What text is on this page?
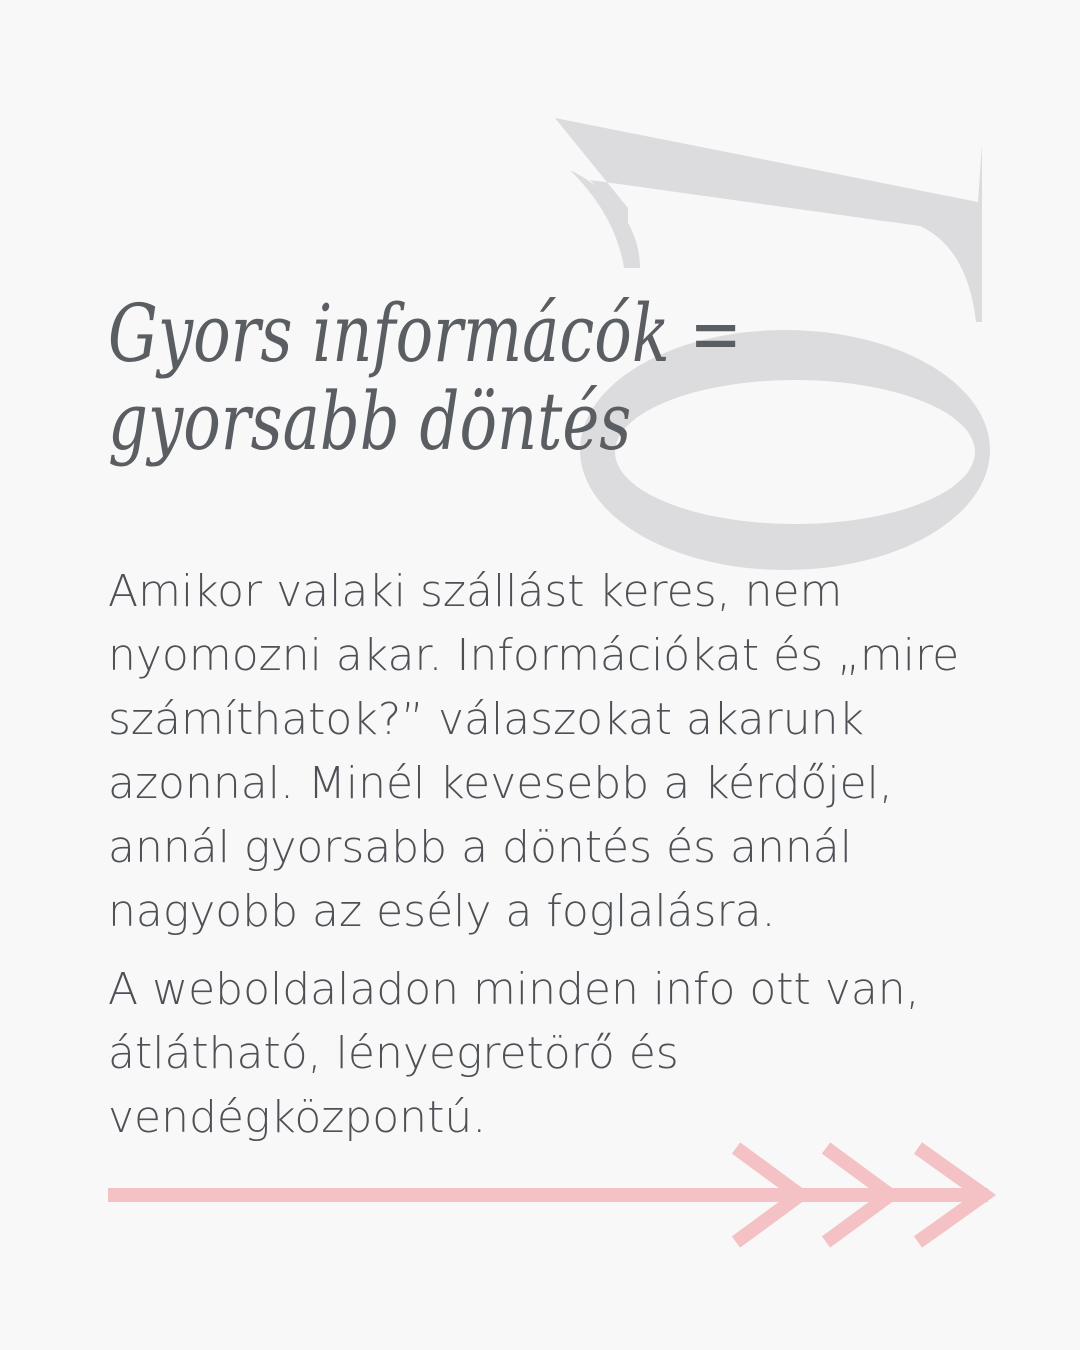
Gyors informácók =
gyorsabb döntés

Amikor valaki szállást keres, nem nyomozni akar. Információkat és „mire számíthatok?” válaszokat akarunk azonnal. Minél kevesebb a kérdőjel, annál gyorsabb a döntés és annál nagyobb az esély a foglalásra.

A weboldaladon minden info ott van, átlátható, lényegretörő és vendégközpontú.
